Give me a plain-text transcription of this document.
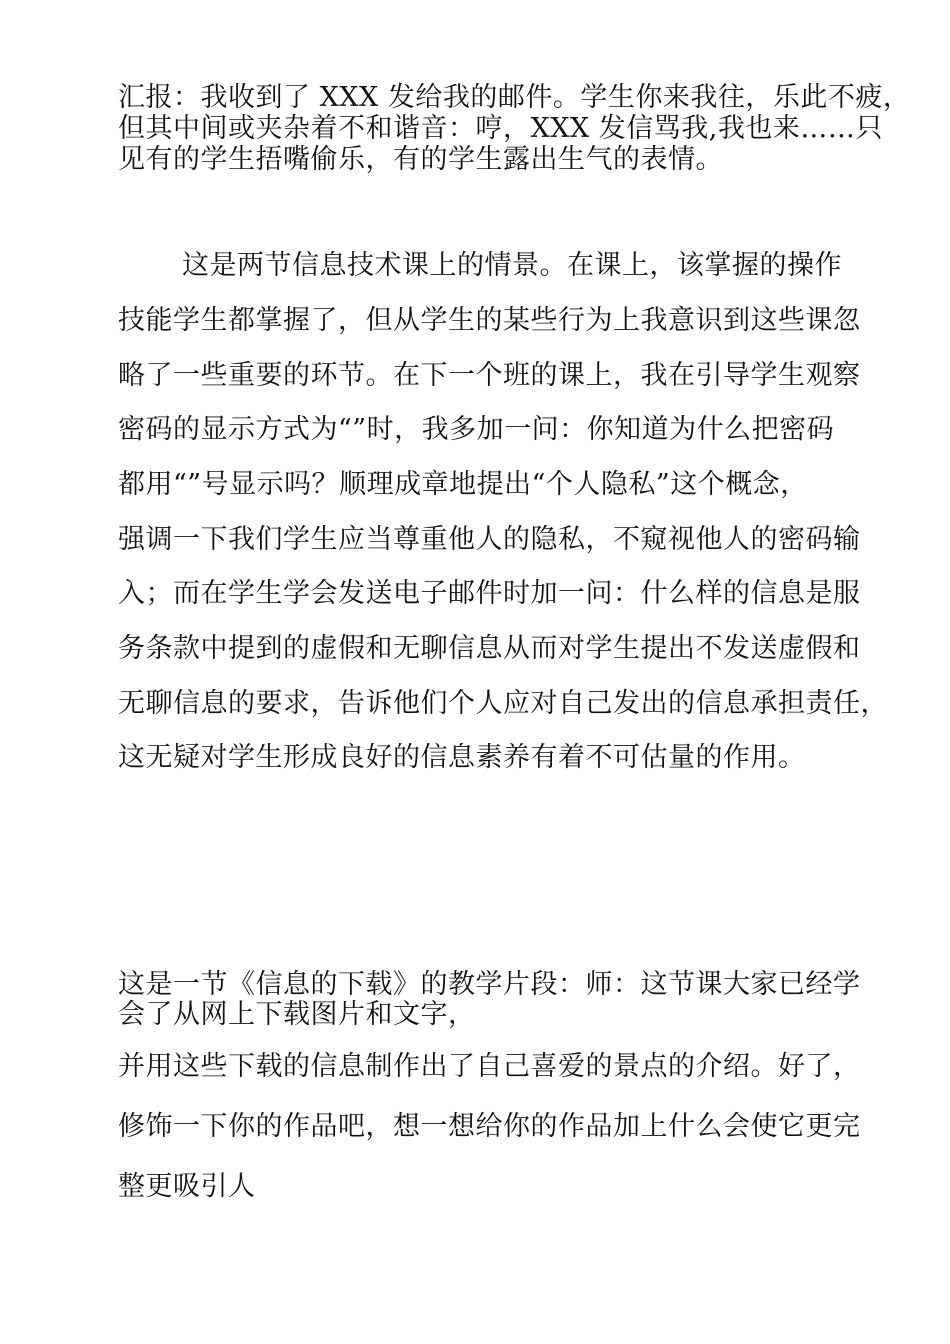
汇报：我收到了 XXX 发给我的邮件。学生你来我往，乐此不疲，
但其中间或夹杂着不和谐音：哼，XXX 发信骂我,我也来……只
见有的学生捂嘴偷乐，有的学生露出生气的表情。
这是两节信息技术课上的情景。在课上，该掌握的操作
技能学生都掌握了，但从学生的某些行为上我意识到这些课忽
略了一些重要的环节。在下一个班的课上，我在引导学生观察
密码的显示方式为“”时，我多加一问：你知道为什么把密码
都用“”号显示吗？顺理成章地提出“个人隐私”这个概念，
强调一下我们学生应当尊重他人的隐私，不窥视他人的密码输
入；而在学生学会发送电子邮件时加一问：什么样的信息是服
务条款中提到的虚假和无聊信息从而对学生提出不发送虚假和
无聊信息的要求，告诉他们个人应对自己发出的信息承担责任，
这无疑对学生形成良好的信息素养有着不可估量的作用。
这是一节《信息的下载》的教学片段：师：这节课大家已经学
会了从网上下载图片和文字，
并用这些下载的信息制作出了自己喜爱的景点的介绍。好了，
修饰一下你的作品吧，想一想给你的作品加上什么会使它更完
整更吸引人
